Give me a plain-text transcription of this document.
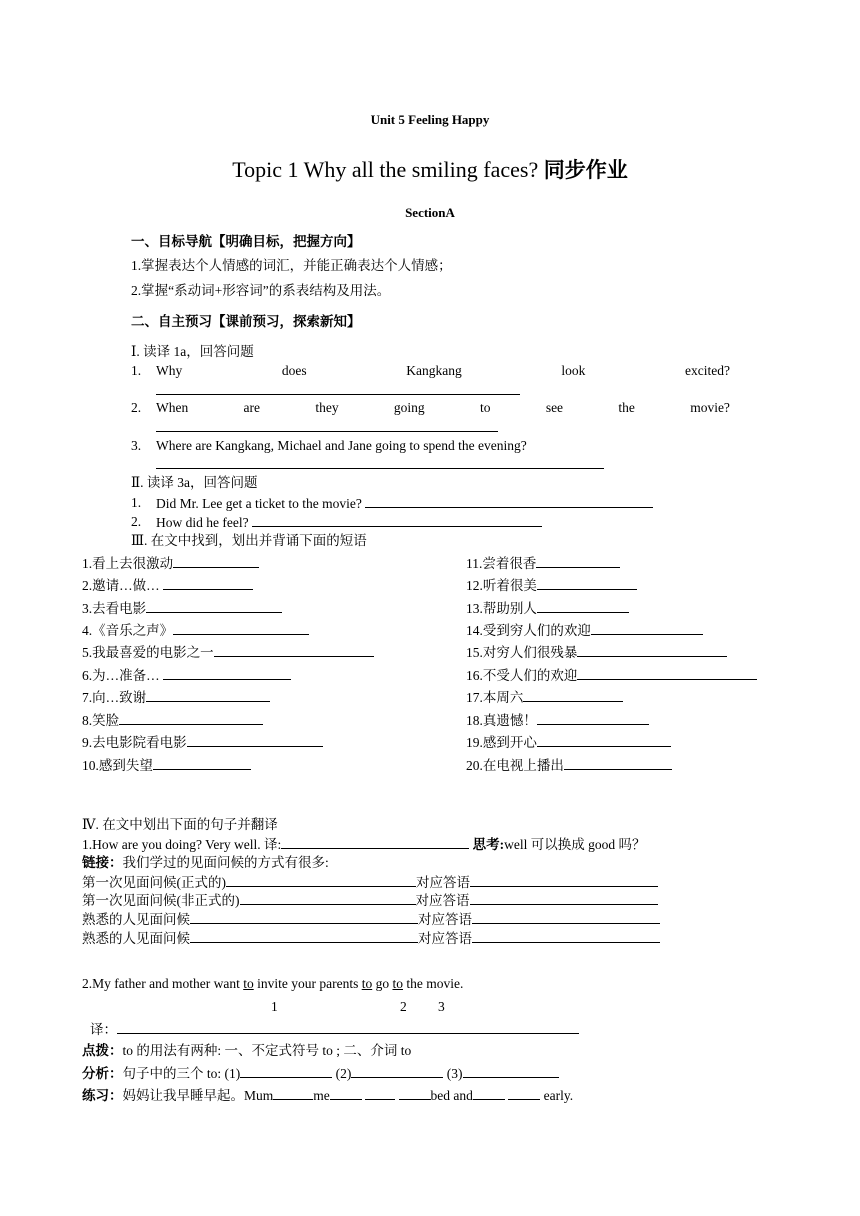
Unit 5 Feeling Happy
Topic 1 Why all the smiling faces? 同步作业
SectionA
一、目标导航【明确目标，把握方向】
1.掌握表达个人情感的词汇，并能正确表达个人情感；
2.掌握“系动词+形容词”的系表结构及用法。
二、自主预习【课前预习，探索新知】
Ⅰ. 读译 1a，回答问题
1. Why	does	Kangkang	look	excited?
2. When	are	they	going	to	see	the	movie?
3. Where are Kangkang, Michael and Jane going to spend the evening?
Ⅱ. 读译 3a，回答问题
1. Did Mr. Lee get a ticket to the movie?
2. How did he feel?
Ⅲ. 在文中找到，划出并背诵下面的短语
1.看上去很激动
2.邀请…做…
3.去看电影
4.《音乐之声》
5.我最喜爱的电影之一
6.为…准备…
7.向…致谢
8.笑脸
9.去电影院看电影
10.感到失望
11.尝着很香
12.听着很美
13.帮助别人
14.受到穷人们的欢迎
15.对穷人们很残暴
16.不受人们的欢迎
17.本周六
18.真遗憾！
19.感到开心
20.在电视上播出
Ⅳ. 在文中划出下面的句子并翻译
1.How are you doing? Very well. 译:	思考:well 可以换成 good 吗？
链接：我们学过的见面问候的方式有很多:
第一次见面问候(正式的)	对应答语
第一次见面问候(非正式的)	对应答语
熟悉的人见面问候	对应答语
熟悉的人见面问候	对应答语
2.My father and mother want to invite your parents to go to the movie.
1	2 3
译：
点拨：to 的用法有两种: 一、不定式符号 to ; 二、介词 to
分析：句子中的三个 to: (1)	(2)	(3)
练习：妈妈让我早睡早起。Mum	me	bed and	early.
